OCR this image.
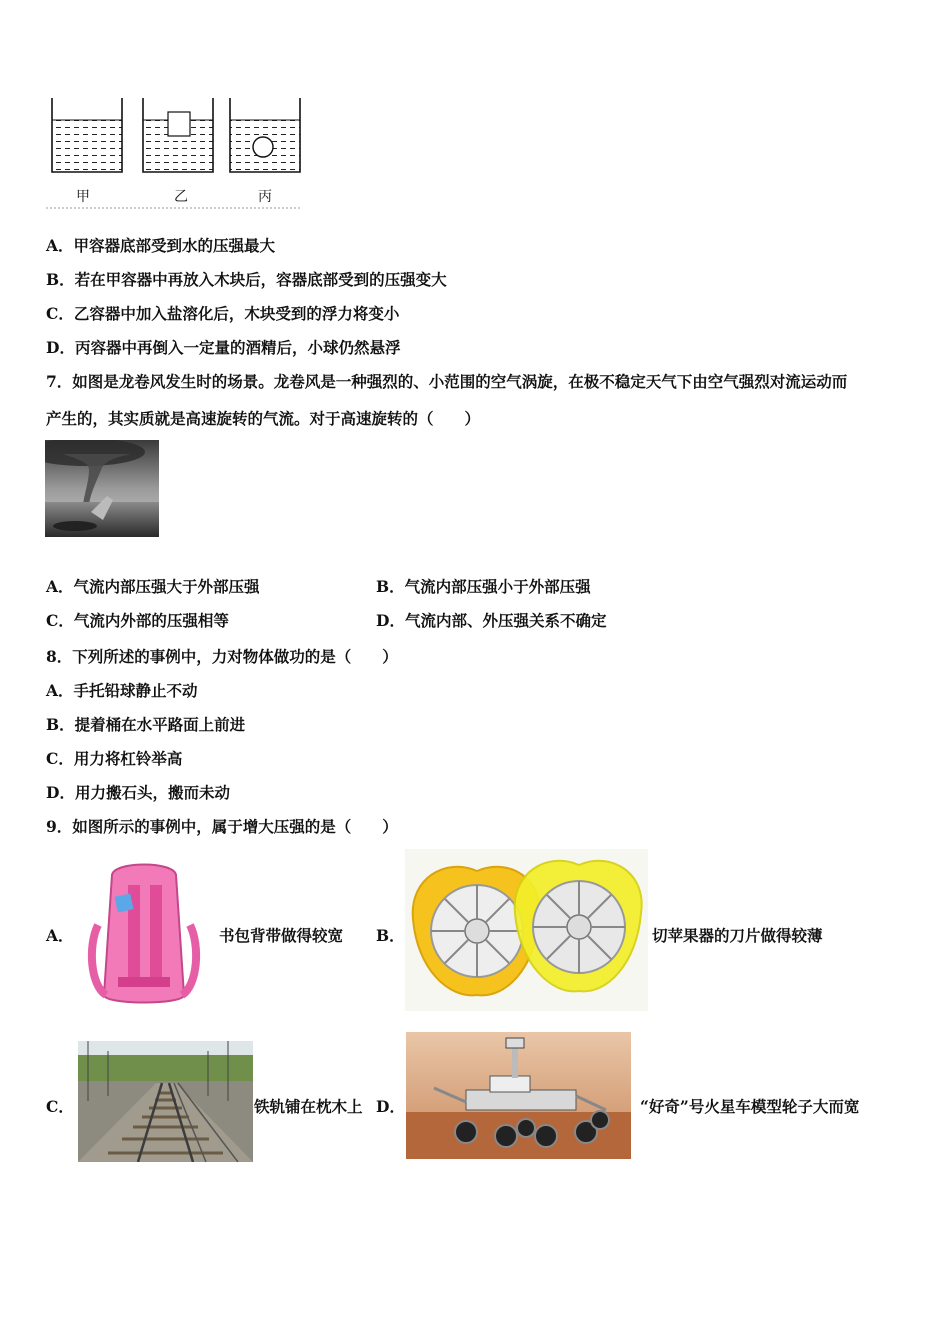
甲	乙	丙
A．甲容器底部受到水的压强最大
B．若在甲容器中再放入木块后，容器底部受到的压强变大
C．乙容器中加入盐溶化后，木块受到的浮力将变小
D．丙容器中再倒入一定量的酒精后，小球仍然悬浮
7．如图是龙卷风发生时的场景。龙卷风是一种强烈的、小范围的空气涡旋，在极不稳定天气下由空气强烈对流运动而
产生的，其实质就是高速旋转的气流。对于高速旋转的（　　）
A．气流内部压强大于外部压强	B．气流内部压强小于外部压强
C．气流内外部的压强相等	D．气流内部、外压强关系不确定
8．下列所述的事例中，力对物体做功的是（　　）
A．手托铅球静止不动
B．提着桶在水平路面上前进
C．用力将杠铃举高
D．用力搬石头，搬而未动
9．如图所示的事例中，属于增大压强的是（　　）
A．	书包背带做得较宽 B．	切苹果器的刀片做得较薄
C．	铁轨铺在枕木上 D．	“好奇”号火星车模型轮子大而宽
